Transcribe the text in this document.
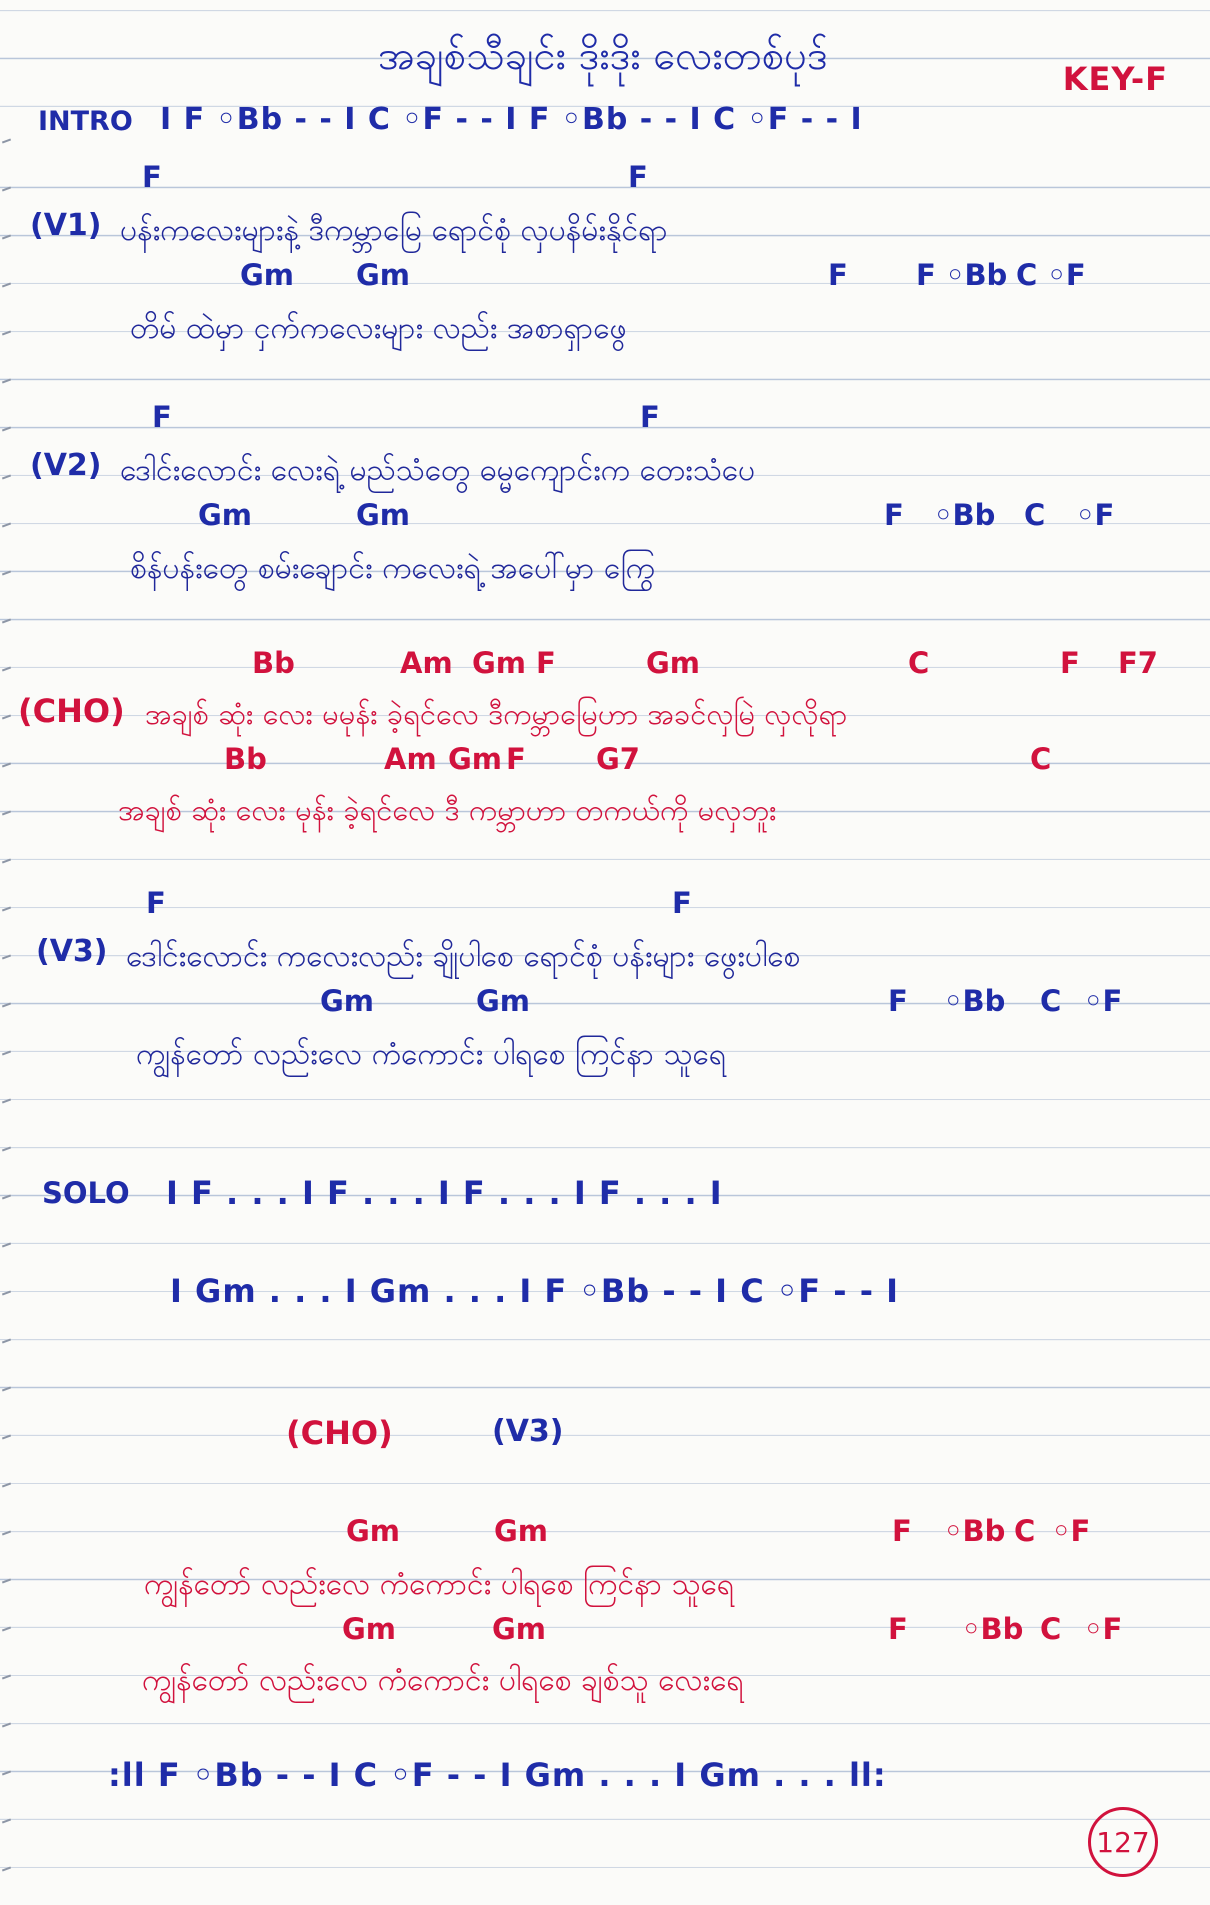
အချစ်သီချင်း ဒိုးဒိုး လေးတစ်ပုဒ်	KEY-F
INTRO I F ◦Bb - - I C ◦F - - I F ◦Bb - - I C ◦F - - I
F	F
(V1) ပန်းကလေးများနဲ့ ဒီကမ္ဘာမြေ ရောင်စုံ လှပနိမ်းနိုင်ရာ
Gm Gm	F F ◦Bb C ◦F
တိမ် ထဲမှာ ငှက်ကလေးများ လည်း အစာရှာဖွေ
F	F
(V2) ဒေါင်းလောင်း လေးရဲ့ မည်သံတွေ ဓမ္မကျောင်းက တေးသံပေ
Gm	Gm	F ◦Bb C ◦F
စိန်ပန်းတွေ စမ်းချောင်း ကလေးရဲ့ အပေါ်မှာ ကြွေ
Bb	Am Gm F	Gm	C	F F7
(CHO) အချစ် ဆုံး လေး မမုန်း ခဲ့ရင်လေ ဒီကမ္ဘာမြေဟာ အခင်လှမြဲ လှလိုရာ
Bb	Am Gm F G7	C
အချစ် ဆုံး လေး မုန်း ခဲ့ရင်လေ ဒီ ကမ္ဘာဟာ တကယ်ကို မလှဘူး
F	F
(V3) ဒေါင်းလောင်း ကလေးလည်း ချိုပါစေ ရောင်စုံ ပန်းများ ဖွေးပါစေ
Gm	Gm	F ◦Bb C ◦F
ကျွန်တော် လည်းလေ ကံကောင်း ပါရစေ ကြင်နာ သူရေ
SOLO I F . . . I F . . . I F . . . I F . . . I
I Gm . . . I Gm . . . I F ◦Bb - - I C ◦F - - I
(CHO)	(V3)
Gm	Gm	F ◦Bb C ◦F
ကျွန်တော် လည်းလေ ကံကောင်း ပါရစေ ကြင်နာ သူရေ
Gm	Gm	F ◦Bb C ◦F
ကျွန်တော် လည်းလေ ကံကောင်း ပါရစေ ချစ်သူ လေးရေ
:ll F ◦Bb - - I C ◦F - - I Gm . . . I Gm . . . ll:
127
